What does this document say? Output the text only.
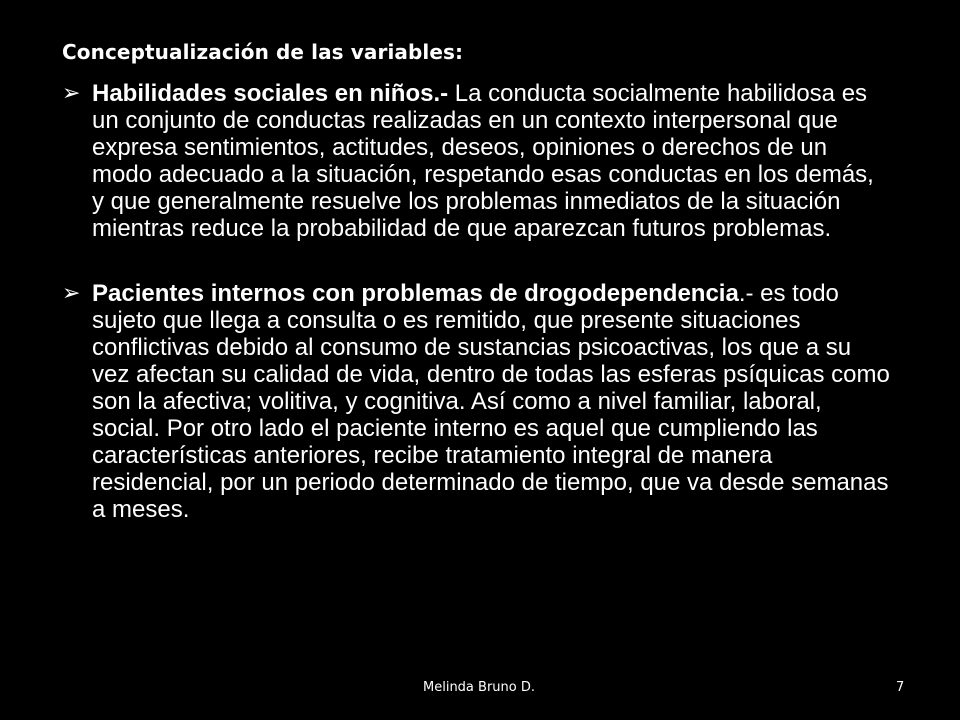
Conceptualización de las variables:

➢ Habilidades sociales en niños.- La conducta socialmente habilidosa es un conjunto de conductas realizadas en un contexto interpersonal que expresa sentimientos, actitudes, deseos, opiniones o derechos de un modo adecuado a la situación, respetando esas conductas en los demás, y que generalmente resuelve los problemas inmediatos de la situación mientras reduce la probabilidad de que aparezcan futuros problemas.

➢ Pacientes internos con problemas de drogodependencia.- es todo sujeto que llega a consulta o es remitido, que presente situaciones conflictivas debido al consumo de sustancias psicoactivas, los que a su vez afectan su calidad de vida, dentro de todas las esferas psíquicas como son la afectiva; volitiva, y cognitiva. Así como a nivel familiar, laboral, social. Por otro lado el paciente interno es aquel que cumpliendo las características anteriores, recibe tratamiento integral de manera residencial, por un periodo determinado de tiempo, que va desde semanas a meses.

Melinda Bruno D.	7
